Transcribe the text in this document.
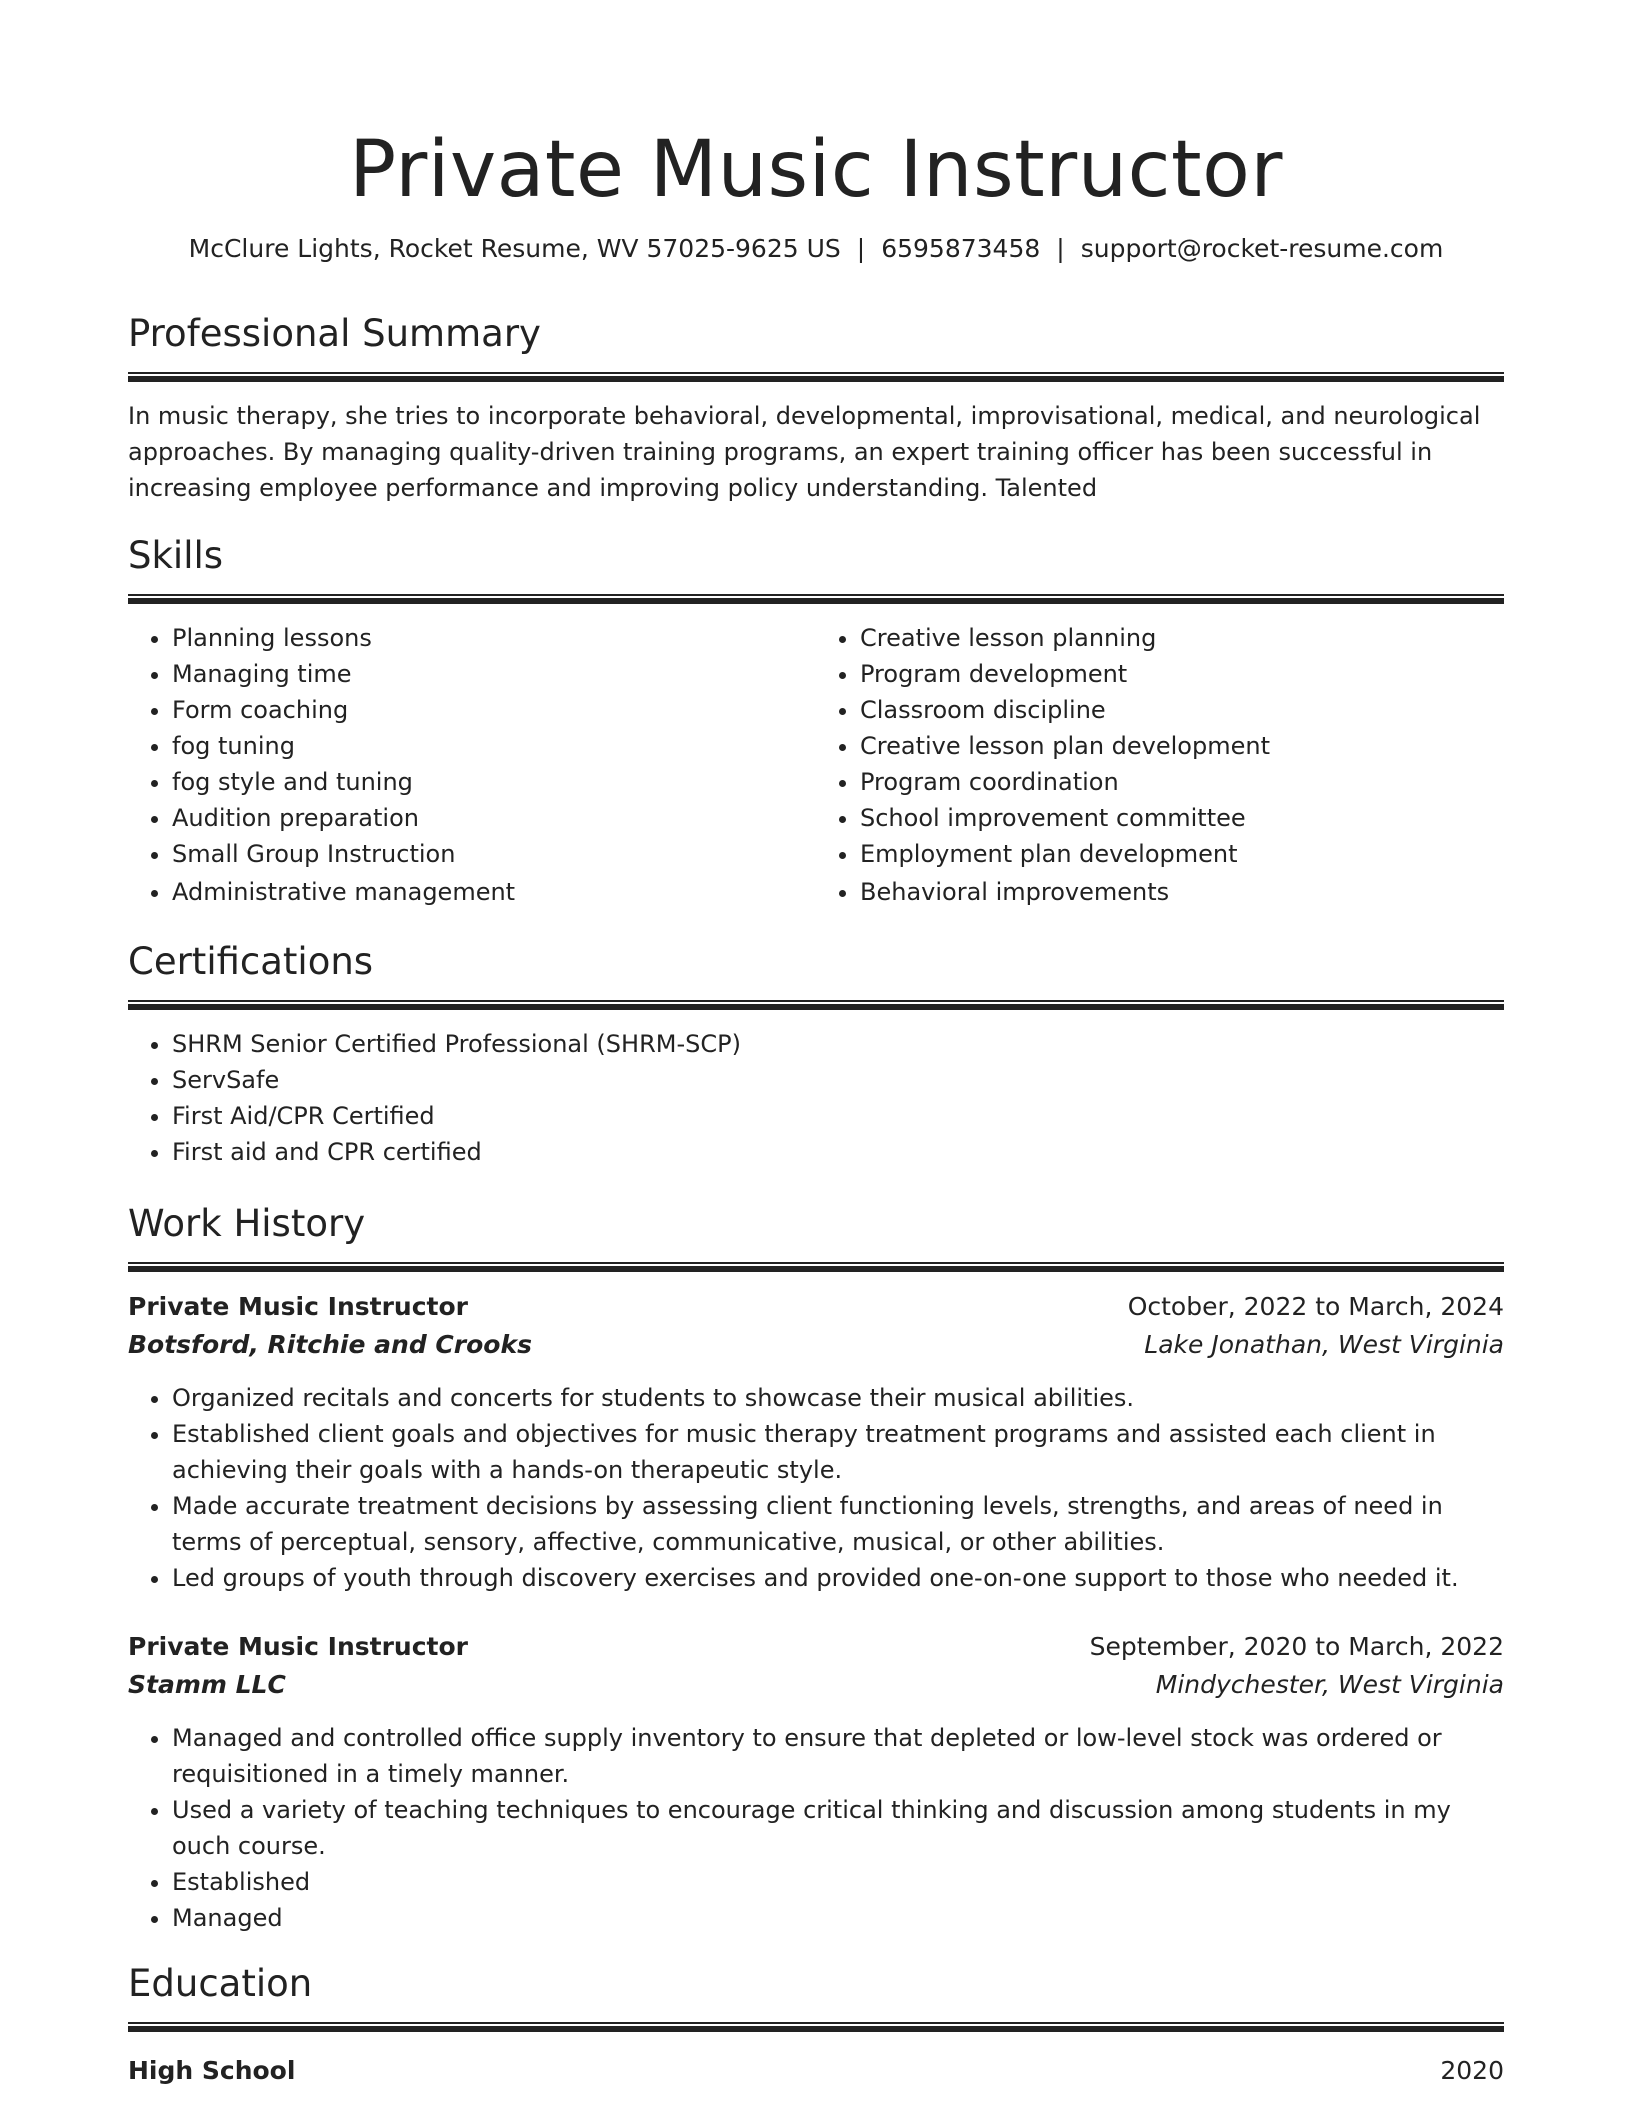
Private Music Instructor
McClure Lights, Rocket Resume, WV 57025-9625 US | 6595873458 | support@rocket-resume.com
Professional Summary
In music therapy, she tries to incorporate behavioral, developmental, improvisational, medical, and neurological approaches. By managing quality-driven training programs, an expert training officer has been successful in increasing employee performance and improving policy understanding. Talented
Skills
• Planning lessons
• Managing time
• Form coaching
• fog tuning
• fog style and tuning
• Audition preparation
• Small Group Instruction
• Administrative management
• Creative lesson planning
• Program development
• Classroom discipline
• Creative lesson plan development
• Program coordination
• School improvement committee
• Employment plan development
• Behavioral improvements
Certifications
• SHRM Senior Certified Professional (SHRM-SCP)
• ServSafe
• First Aid/CPR Certified
• First aid and CPR certified
Work History
Private Music Instructor	October, 2022 to March, 2024
Botsford, Ritchie and Crooks	Lake Jonathan, West Virginia
• Organized recitals and concerts for students to showcase their musical abilities.
• Established client goals and objectives for music therapy treatment programs and assisted each client in achieving their goals with a hands-on therapeutic style.
• Made accurate treatment decisions by assessing client functioning levels, strengths, and areas of need in terms of perceptual, sensory, affective, communicative, musical, or other abilities.
• Led groups of youth through discovery exercises and provided one-on-one support to those who needed it.
Private Music Instructor	September, 2020 to March, 2022
Stamm LLC	Mindychester, West Virginia
• Managed and controlled office supply inventory to ensure that depleted or low-level stock was ordered or requisitioned in a timely manner.
• Used a variety of teaching techniques to encourage critical thinking and discussion among students in my ouch course.
• Established
• Managed
Education
High School	2020
